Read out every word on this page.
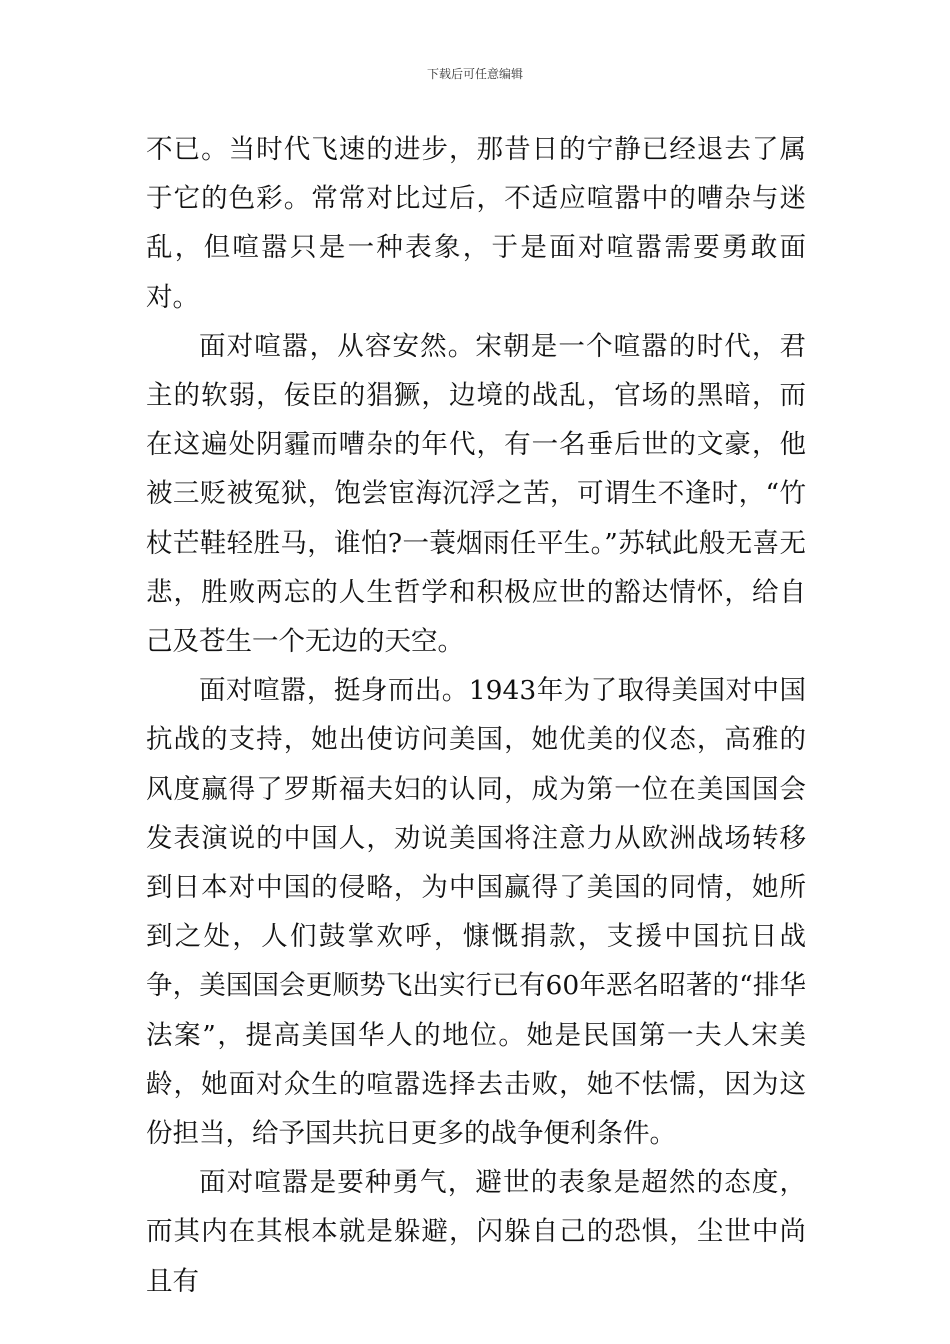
下载后可任意编辑

不已。当时代飞速的进步，那昔日的宁静已经退去了属于它的色彩。常常对比过后，不适应喧嚣中的嘈杂与迷乱，但喧嚣只是一种表象，于是面对喧嚣需要勇敢面对。

面对喧嚣，从容安然。宋朝是一个喧嚣的时代，君主的软弱，佞臣的猖獗，边境的战乱，官场的黑暗，而在这遍处阴霾而嘈杂的年代，有一名垂后世的文豪，他被三贬被冤狱，饱尝宦海沉浮之苦，可谓生不逢时，“竹杖芒鞋轻胜马，谁怕?一蓑烟雨任平生。”苏轼此般无喜无悲，胜败两忘的人生哲学和积极应世的豁达情怀，给自己及苍生一个无边的天空。

面对喧嚣，挺身而出。1943年为了取得美国对中国抗战的支持，她出使访问美国，她优美的仪态，高雅的风度赢得了罗斯福夫妇的认同，成为第一位在美国国会发表演说的中国人，劝说美国将注意力从欧洲战场转移到日本对中国的侵略，为中国赢得了美国的同情，她所到之处，人们鼓掌欢呼，慷慨捐款，支援中国抗日战争，美国国会更顺势飞出实行已有60年恶名昭著的“排华法案”，提高美国华人的地位。她是民国第一夫人宋美龄，她面对众生的喧嚣选择去击败，她不怯懦，因为这份担当，给予国共抗日更多的战争便利条件。

面对喧嚣是要种勇气，避世的表象是超然的态度，而其内在其根本就是躲避，闪躲自己的恐惧，尘世中尚且有
